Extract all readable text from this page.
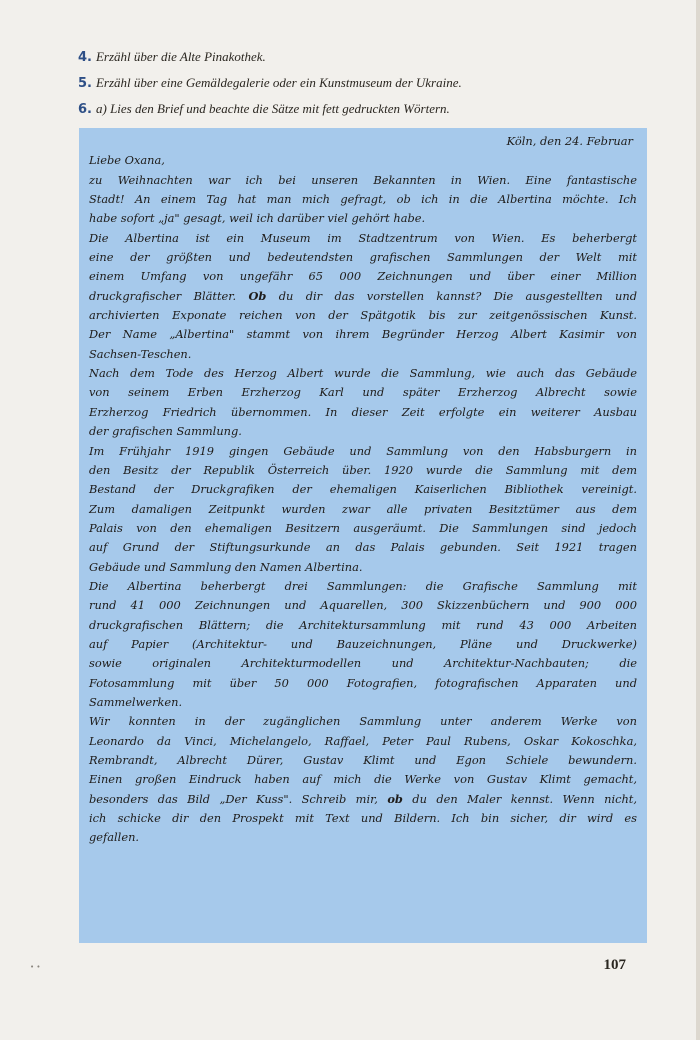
4. Erzähl über die Alte Pinakothek.
5. Erzähl über eine Gemäldegalerie oder ein Kunstmuseum der Ukraine.
6. a) Lies den Brief und beachte die Sätze mit fett gedruckten Wörtern.
Köln, den 24. Februar
Liebe Oxana,
zu Weihnachten war ich bei unseren Bekannten in Wien. Eine fantastische
Stadt! An einem Tag hat man mich gefragt, ob ich in die Albertina möchte. Ich
habe sofort „ja" gesagt, weil ich darüber viel gehört habe.
Die Albertina ist ein Museum im Stadtzentrum von Wien. Es beherbergt
eine der größten und bedeutendsten grafischen Sammlungen der Welt mit
einem Umfang von ungefähr 65 000 Zeichnungen und über einer Million
druckgrafischer Blätter. Ob du dir das vorstellen kannst? Die ausgestellten und
archivierten Exponate reichen von der Spätgotik bis zur zeitgenössischen Kunst.
Der Name „Albertina" stammt von ihrem Begründer Herzog Albert Kasimir von
Sachsen-Teschen.
Nach dem Tode des Herzog Albert wurde die Sammlung, wie auch das Gebäude
von seinem Erben Erzherzog Karl und später Erzherzog Albrecht sowie
Erzherzog Friedrich übernommen. In dieser Zeit erfolgte ein weiterer Ausbau
der grafischen Sammlung.
Im Frühjahr 1919 gingen Gebäude und Sammlung von den Habsburgern in
den Besitz der Republik Österreich über. 1920 wurde die Sammlung mit dem
Bestand der Druckgrafiken der ehemaligen Kaiserlichen Bibliothek vereinigt.
Zum damaligen Zeitpunkt wurden zwar alle privaten Besitztümer aus dem
Palais von den ehemaligen Besitzern ausgeräumt. Die Sammlungen sind jedoch
auf Grund der Stiftungsurkunde an das Palais gebunden. Seit 1921 tragen
Gebäude und Sammlung den Namen Albertina.
Die Albertina beherbergt drei Sammlungen: die Grafische Sammlung mit
rund 41 000 Zeichnungen und Aquarellen, 300 Skizzenbüchern und 900 000
druckgrafischen Blättern; die Architektursammlung mit rund 43 000 Arbeiten
auf Papier (Architektur- und Bauzeichnungen, Pläne und Druckwerke)
sowie originalen Architekturmodellen und Architektur-Nachbauten; die
Fotosammlung mit über 50 000 Fotografien, fotografischen Apparaten und
Sammelwerken.
Wir konnten in der zugänglichen Sammlung unter anderem Werke von
Leonardo da Vinci, Michelangelo, Raffael, Peter Paul Rubens, Oskar Kokoschka,
Rembrandt, Albrecht Dürer, Gustav Klimt und Egon Schiele bewundern.
Einen großen Eindruck haben auf mich die Werke von Gustav Klimt gemacht,
besonders das Bild „Der Kuss". Schreib mir, ob du den Maler kennst. Wenn nicht,
ich schicke dir den Prospekt mit Text und Bildern. Ich bin sicher, dir wird es
gefallen.
• •	107
